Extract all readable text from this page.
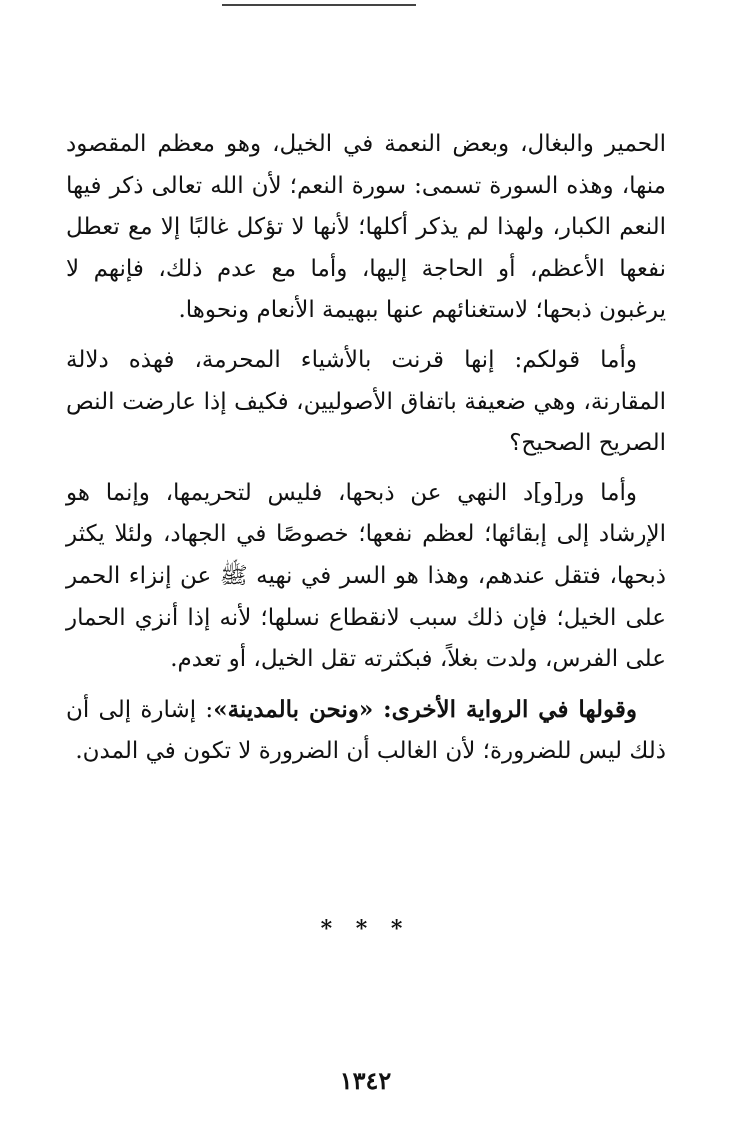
الحمير والبغال، وبعض النعمة في الخيل، وهو معظم المقصود منها، وهذه السورة تسمى: سورة النعم؛ لأن الله تعالى ذكر فيها النعم الكبار، ولهذا لم يذكر أكلها؛ لأنها لا تؤكل غالبًا إلا مع تعطل نفعها الأعظم، أو الحاجة إليها، وأما مع عدم ذلك، فإنهم لا يرغبون ذبحها؛ لاستغنائهم عنها ببهيمة الأنعام ونحوها.

وأما قولكم: إنها قرنت بالأشياء المحرمة، فهذه دلالة المقارنة، وهي ضعيفة باتفاق الأصوليين، فكيف إذا عارضت النص الصريح الصحيح؟

وأما ور[و]د النهي عن ذبحها، فليس لتحريمها، وإنما هو الإرشاد إلى إبقائها؛ لعظم نفعها؛ خصوصًا في الجهاد، ولئلا يكثر ذبحها، فتقل عندهم، وهذا هو السر في نهيه ﷺ عن إنزاء الحمر على الخيل؛ فإن ذلك سبب لانقطاع نسلها؛ لأنه إذا أنزي الحمار على الفرس، ولدت بغلاً، فبكثرته تقل الخيل، أو تعدم.

وقولها في الرواية الأخرى: «ونحن بالمدينة»: إشارة إلى أن ذلك ليس للضرورة؛ لأن الغالب أن الضرورة لا تكون في المدن.

* * *
١٣٤٢
